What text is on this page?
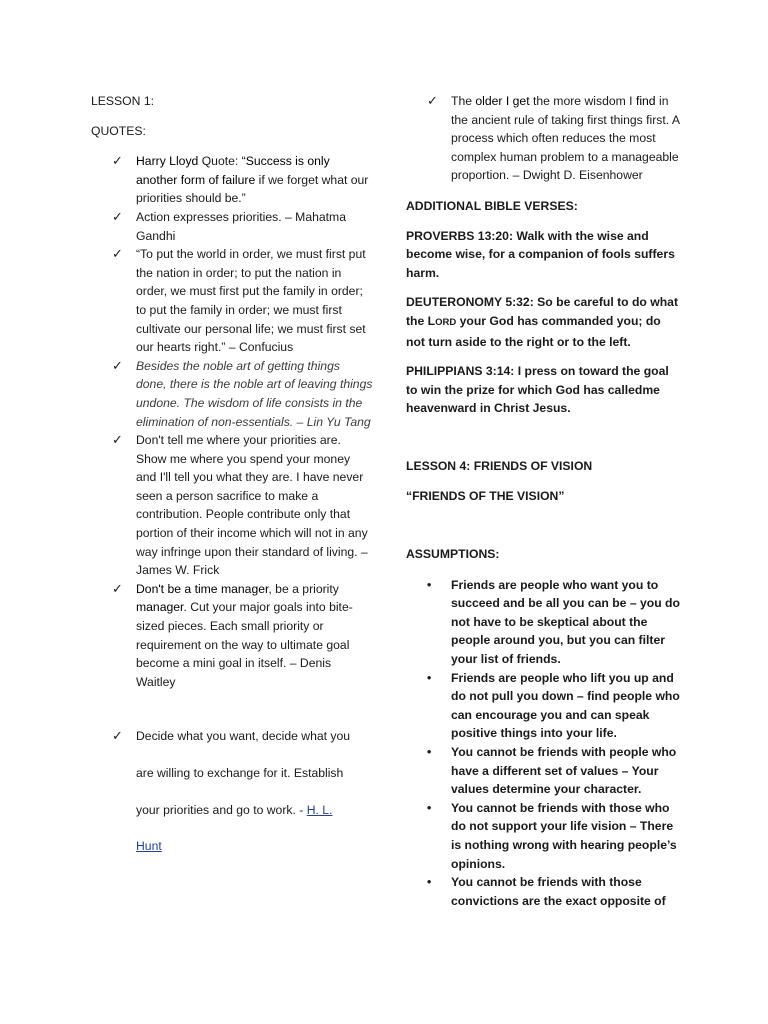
LESSON 1:

QUOTES:

✓ Harry Lloyd Quote: “Success is only another form of failure if we forget what our priorities should be.”
✓ Action expresses priorities. – Mahatma Gandhi
✓ “To put the world in order, we must first put the nation in order; to put the nation in order, we must first put the family in order; to put the family in order; we must first cultivate our personal life; we must first set our hearts right.” – Confucius
✓ Besides the noble art of getting things done, there is the noble art of leaving things undone. The wisdom of life consists in the elimination of non-essentials. – Lin Yu Tang
✓ Don't tell me where your priorities are. Show me where you spend your money and I'll tell you what they are. I have never seen a person sacrifice to make a contribution. People contribute only that portion of their income which will not in any way infringe upon their standard of living. – James W. Frick
✓ Don't be a time manager, be a priority manager. Cut your major goals into bite-sized pieces. Each small priority or requirement on the way to ultimate goal become a mini goal in itself. – Denis Waitley
✓ Decide what you want, decide what you
are willing to exchange for it. Establish
your priorities and go to work. - H. L.
Hunt
✓ The older I get the more wisdom I find in the ancient rule of taking first things first. A process which often reduces the most complex human problem to a manageable proportion. – Dwight D. Eisenhower

ADDITIONAL BIBLE VERSES:

PROVERBS 13:20: Walk with the wise and become wise, for a companion of fools suffers harm.

DEUTERONOMY 5:32: So be careful to do what the LORD your God has commanded you; do not turn aside to the right or to the left.

PHILIPPIANS 3:14: I press on toward the goal to win the prize for which God has calledme heavenward in Christ Jesus.

LESSON 4: FRIENDS OF VISION

“FRIENDS OF THE VISION”

ASSUMPTIONS:

• Friends are people who want you to succeed and be all you can be – you do not have to be skeptical about the people around you, but you can filter your list of friends.
• Friends are people who lift you up and do not pull you down – find people who can encourage you and can speak positive things into your life.
• You cannot be friends with people who have a different set of values – Your values determine your character.
• You cannot be friends with those who do not support your life vision – There is nothing wrong with hearing people’s opinions.
• You cannot be friends with those convictions are the exact opposite of
